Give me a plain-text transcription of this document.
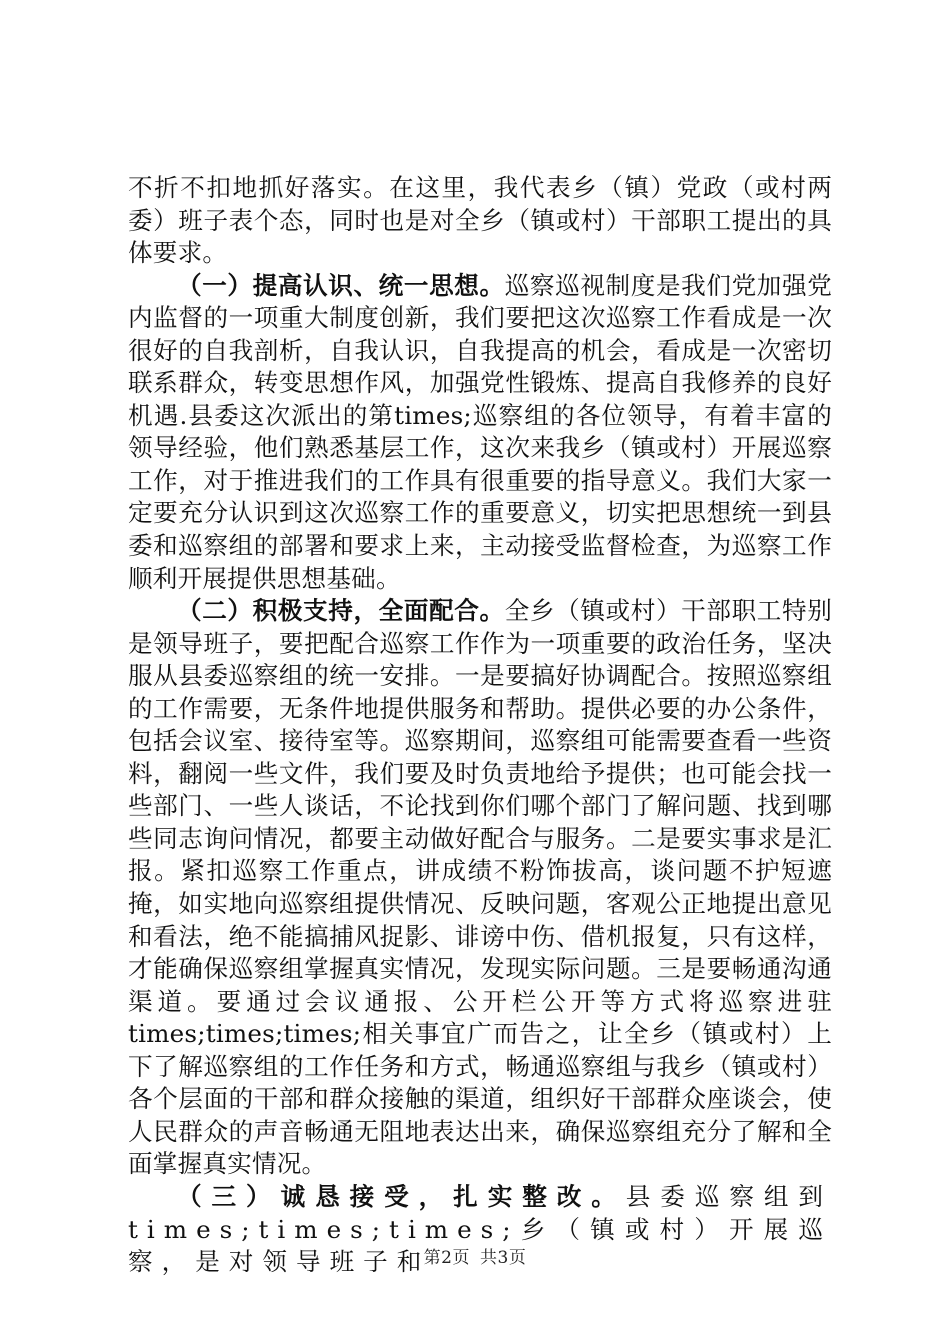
不折不扣地抓好落实。在这里，我代表乡（镇）党政（或村两委）班子表个态，同时也是对全乡（镇或村）干部职工提出的具体要求。

（一）提高认识、统一思想。巡察巡视制度是我们党加强党内监督的一项重大制度创新，我们要把这次巡察工作看成是一次很好的自我剖析，自我认识，自我提高的机会，看成是一次密切联系群众，转变思想作风，加强党性锻炼、提高自我修养的良好机遇.县委这次派出的第times;巡察组的各位领导，有着丰富的领导经验，他们熟悉基层工作，这次来我乡（镇或村）开展巡察工作，对于推进我们的工作具有很重要的指导意义。我们大家一定要充分认识到这次巡察工作的重要意义，切实把思想统一到县委和巡察组的部署和要求上来，主动接受监督检查，为巡察工作顺利开展提供思想基础。

（二）积极支持，全面配合。全乡（镇或村）干部职工特别是领导班子，要把配合巡察工作作为一项重要的政治任务，坚决服从县委巡察组的统一安排。一是要搞好协调配合。按照巡察组的工作需要，无条件地提供服务和帮助。提供必要的办公条件，包括会议室、接待室等。巡察期间，巡察组可能需要查看一些资料，翻阅一些文件，我们要及时负责地给予提供；也可能会找一些部门、一些人谈话，不论找到你们哪个部门了解问题、找到哪些同志询问情况，都要主动做好配合与服务。二是要实事求是汇报。紧扣巡察工作重点，讲成绩不粉饰拔高，谈问题不护短遮掩，如实地向巡察组提供情况、反映问题，客观公正地提出意见和看法，绝不能搞捕风捉影、诽谤中伤、借机报复，只有这样，才能确保巡察组掌握真实情况，发现实际问题。三是要畅通沟通渠道。要通过会议通报、公开栏公开等方式将巡察进驻times;times;times;相关事宜广而告之，让全乡（镇或村）上下了解巡察组的工作任务和方式，畅通巡察组与我乡（镇或村）各个层面的干部和群众接触的渠道，组织好干部群众座谈会，使人民群众的声音畅通无阻地表达出来，确保巡察组充分了解和全面掌握真实情况。

（三）诚恳接受，扎实整改。县委巡察组到times;times;times;乡（镇或村）开展巡察，是对领导班子和

第2页 共3页
